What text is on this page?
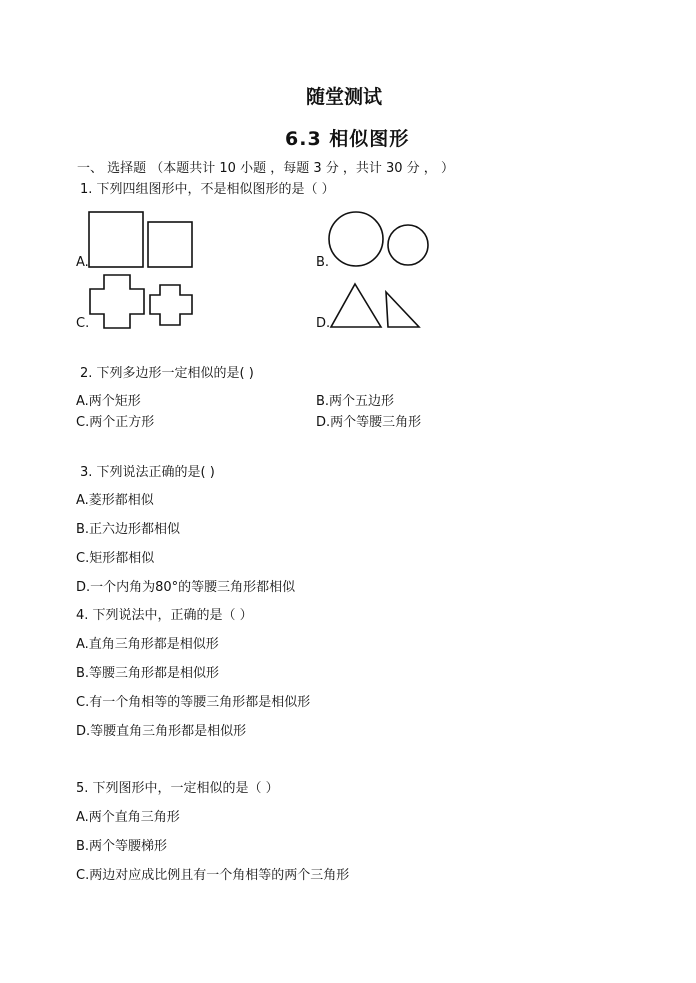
随堂测试
6.3 相似图形
一、 选择题 （本题共计 10 小题 ，每题 3 分 ，共计 30 分 ， ）
1. 下列四组图形中，不是相似图形的是（ ）
A.	B.
C.	D.
2. 下列多边形一定相似的是( )
A.两个矩形	B.两个五边形
C.两个正方形	D.两个等腰三角形
3. 下列说法正确的是( )
A.菱形都相似
B.正六边形都相似
C.矩形都相似
D.一个内角为80°的等腰三角形都相似
4. 下列说法中，正确的是（ ）
A.直角三角形都是相似形
B.等腰三角形都是相似形
C.有一个角相等的等腰三角形都是相似形
D.等腰直角三角形都是相似形
5. 下列图形中，一定相似的是（ ）
A.两个直角三角形
B.两个等腰梯形
C.两边对应成比例且有一个角相等的两个三角形
